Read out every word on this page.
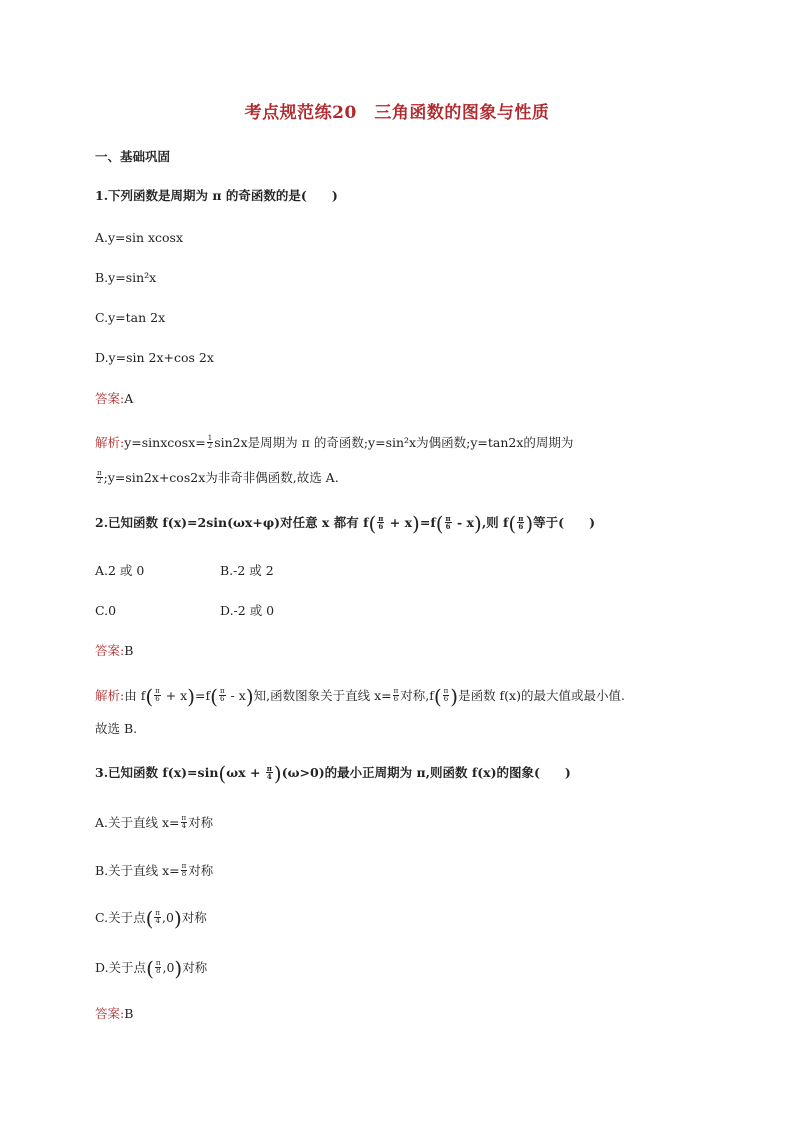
考点规范练20　三角函数的图象与性质
一、基础巩固
1.下列函数是周期为 π 的奇函数的是(　　)
A.y=sin xcosx
B.y=sin²x
C.y=tan 2x
D.y=sin 2x+cos 2x
答案:A
解析:y=sinxcosx= $\frac{1}{2} \sin 2x$是周期为 π 的奇函数;y=sin²x为偶函数;y=tan2x的周期为
$\frac{\pi}{2}$ ;y=sin2x+cos2x为非奇非偶函数,故选 A.
2.已知函数 f(x)=2sin(ωx+φ)对任意 x 都有 $f( \frac{\pi}{6} + x)=f( \frac{\pi}{6} - x)$,则 $f( \frac{\pi}{6}$ )等于(　　)
A.2 或 0	B.-2 或 2
C.0	D.-2 或 0
答案:B
解析:由 $f( \frac{\pi}{6} + x)=f( \frac{\pi}{6} - x)$知,函数图象关于直线 $x= \frac{\pi}{6}$ 对称$,f( \frac{\pi}{6}$ )是函数 f(x)的最大值或最小值.
故选 B.
3.已知函数 $f(x)=\sin(\omega x + \frac{\pi}{4} )(\omega>0)$的最小正周期为 π,则函数 f(x)的图象(　　)
A.关于直线 $x= \frac{\pi}{4}$ 对称
B.关于直线 $x= \frac{\pi}{8}$ 对称
C.关于点( $\frac{\pi}{4} ,0$)对称
D.关于点( $\frac{\pi}{8} ,0$)对称
答案:B
